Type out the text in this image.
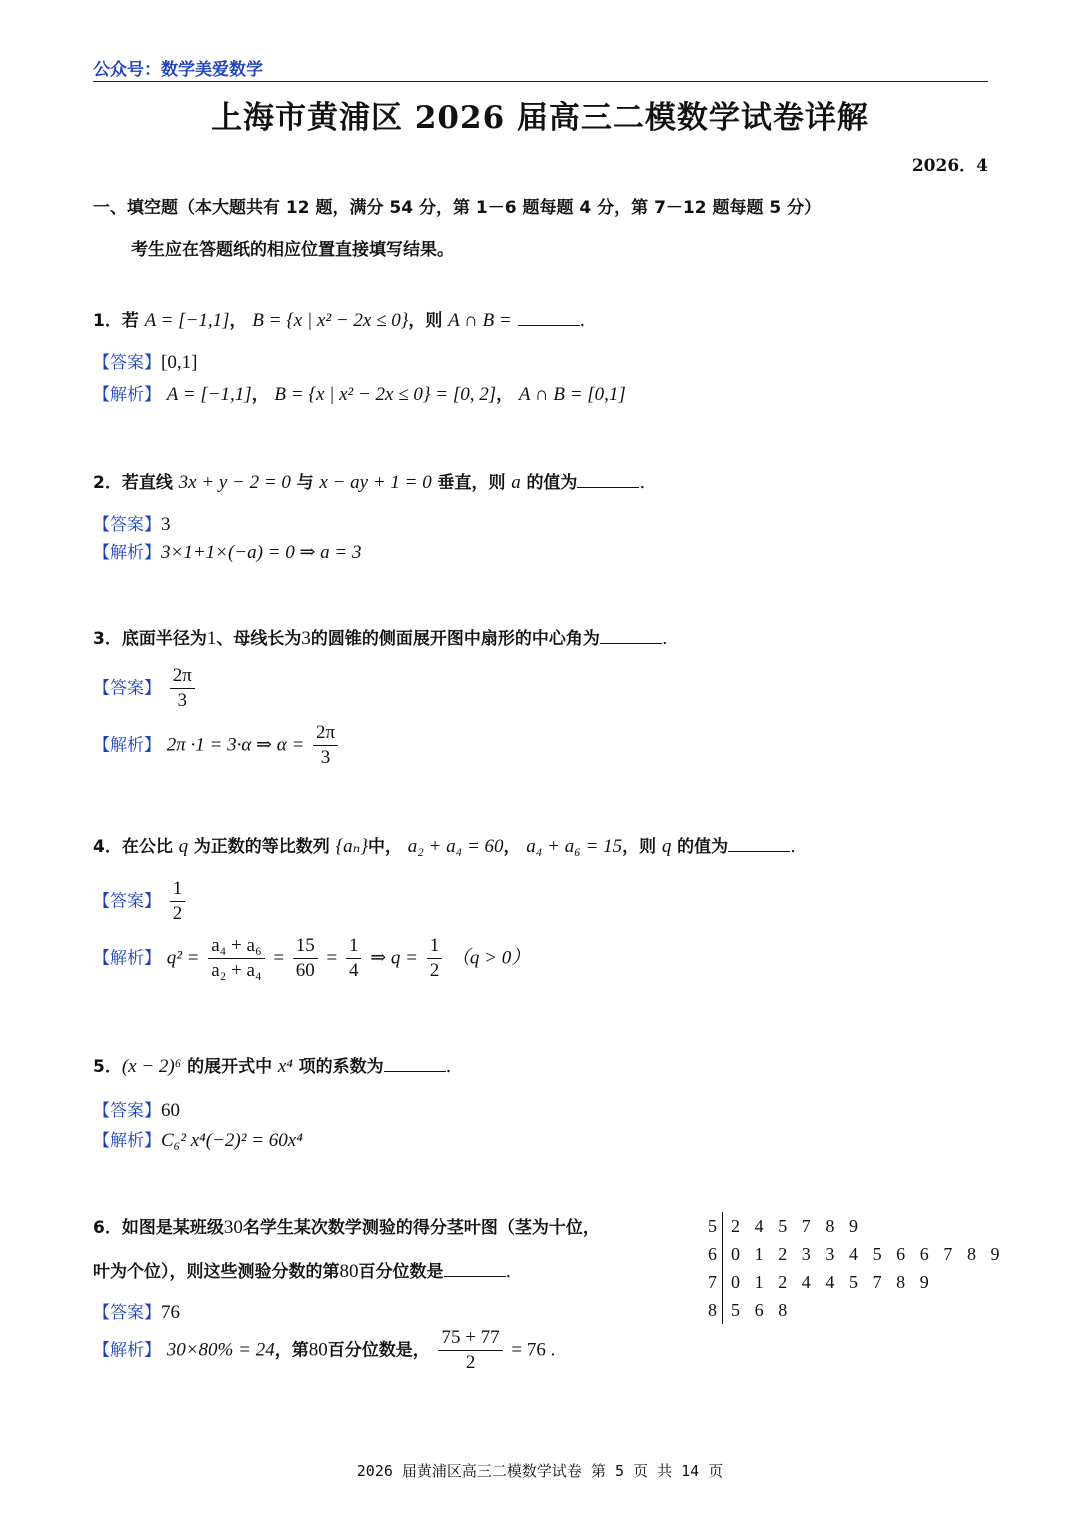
公众号：数学美爱数学
上海市黄浦区 2026 届高三二模数学试卷详解
2026．4
一、填空题（本大题共有 12 题，满分 54 分，第 1－6 题每题 4 分，第 7－12 题每题 5 分）
考生应在答题纸的相应位置直接填写结果。
1．若 A = [−1,1]， B = {x | x² − 2x ≤ 0}，则 A ∩ B =	.
【答案】[0,1]
【解析】 A = [−1,1]， B = {x | x² − 2x ≤ 0} = [0, 2]， A ∩ B = [0,1]
2．若直线 3x + y − 2 = 0 与 x − ay + 1 = 0 垂直，则 a 的值为	.
【答案】3
【解析】3×1+1×(−a) = 0 ⇒ a = 3
3．底面半径为1、母线长为3的圆锥的侧面展开图中扇形的中心角为	.
【答案】 $\frac{2\pi}{3}$
【解析】 2π ·1 = 3·α ⇒ $\alpha = \frac{2\pi}{3}$
4．在公比 q 为正数的等比数列 {aₙ}中， a₂ + a₄ = 60， a₄ + a₆ = 15，则 q 的值为	.
【答案】 $\frac{1}{2}$
【解析】 $q^2 = \frac{\text{a₄ + a₆}}{\text{a₂ + a₄}} = \frac{15}{60} = \frac{1}{4}$ ⇒ $q = \frac{1}{2} (q > 0)$
5．(x − 2)⁶ 的展开式中 x⁴ 项的系数为	.
【答案】60
【解析】C₆² x⁴(−2)² = 60x⁴
6．如图是某班级30名学生某次数学测验的得分茎叶图（茎为十位，
叶为个位），则这些测验分数的第80百分位数是	.
【答案】76
【解析】 30×80% = 24，第80百分位数是， $\frac{75 + 77}{2} = 76$ .
5 2 4 5 7 8 9
6 0 1 2 3 3 4 5 6 6 7 8 9
7 0 1 2 4 4 5 7 8 9
8 5 6 8
2026 届黄浦区高三二模数学试卷 第 5 页 共 14 页
